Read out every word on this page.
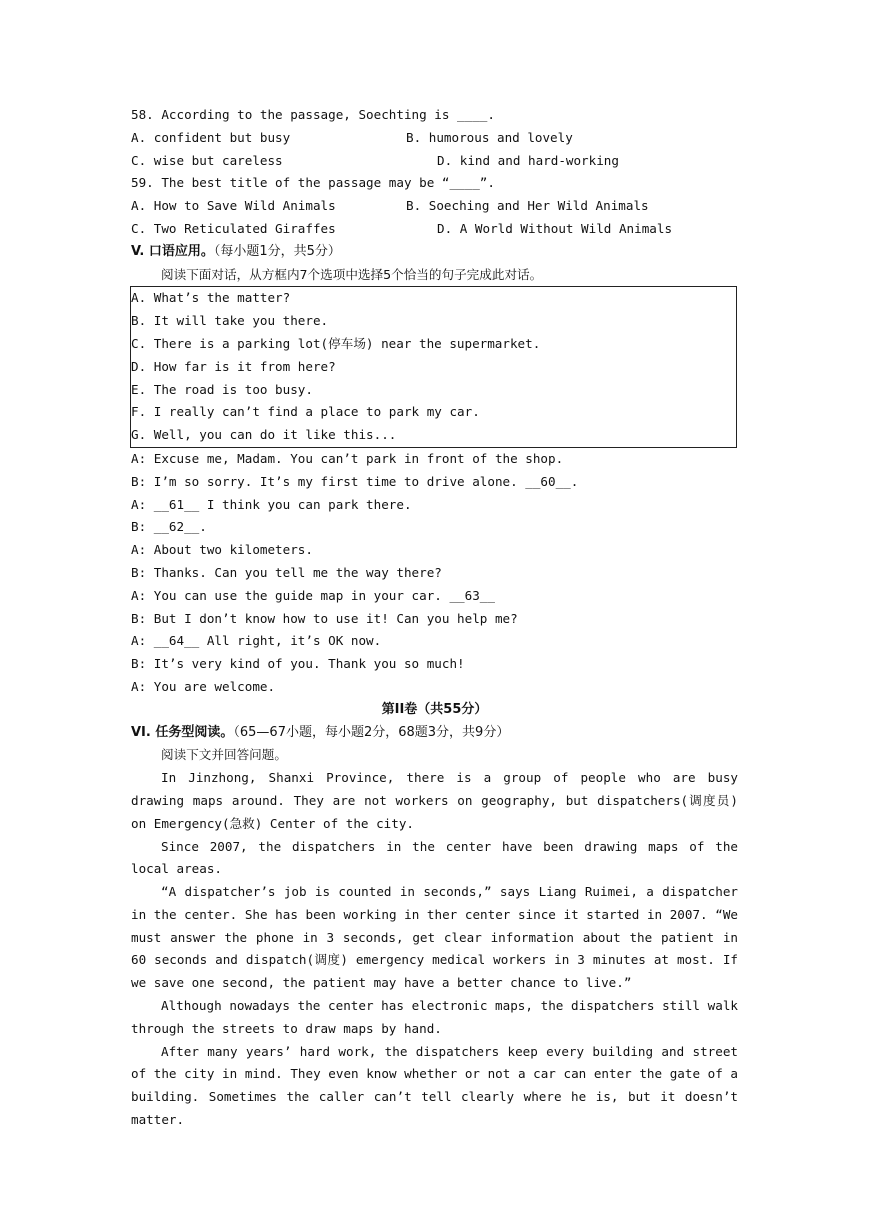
58. According to the passage, Soechting is ____.
A. confident but busy	B. humorous and lovely
C. wise but careless	D. kind and hard-working
59. The best title of the passage may be “____”.
A. How to Save Wild Animals	B. Soeching and Her Wild Animals
C. Two Reticulated Giraffes	D. A World Without Wild Animals
V. 口语应用。（每小题1分，共5分）
阅读下面对话，从方框内7个选项中选择5个恰当的句子完成此对话。
A. What’s the matter?
B. It will take you there.
C. There is a parking lot(停车场) near the supermarket.
D. How far is it from here?
E. The road is too busy.
F. I really can’t find a place to park my car.
G. Well, you can do it like this...
A: Excuse me, Madam. You can’t park in front of the shop.
B: I’m so sorry. It’s my first time to drive alone. __60__.
A: __61__ I think you can park there.
B: __62__.
A: About two kilometers.
B: Thanks. Can you tell me the way there?
A: You can use the guide map in your car. __63__
B: But I don’t know how to use it! Can you help me?
A: __64__ All right, it’s OK now.
B: It’s very kind of you. Thank you so much!
A: You are welcome.
第II卷（共55分）
VI. 任务型阅读。（65—67小题，每小题2分，68题3分，共9分）
阅读下文并回答问题。
In Jinzhong, Shanxi Province, there is a group of people who are busy drawing maps around. They are not workers on geography, but dispatchers(调度员) on Emergency(急救) Center of the city.
Since 2007, the dispatchers in the center have been drawing maps of the local areas.
“A dispatcher’s job is counted in seconds,” says Liang Ruimei, a dispatcher in the center. She has been working in ther center since it started in 2007. “We must answer the phone in 3 seconds, get clear information about the patient in 60 seconds and dispatch(调度) emergency medical workers in 3 minutes at most. If we save one second, the patient may have a better chance to live.”
Although nowadays the center has electronic maps, the dispatchers still walk through the streets to draw maps by hand.
After many years’ hard work, the dispatchers keep every building and street of the city in mind. They even know whether or not a car can enter the gate of a building. Sometimes the caller can’t tell clearly where he is, but it doesn’t matter.
